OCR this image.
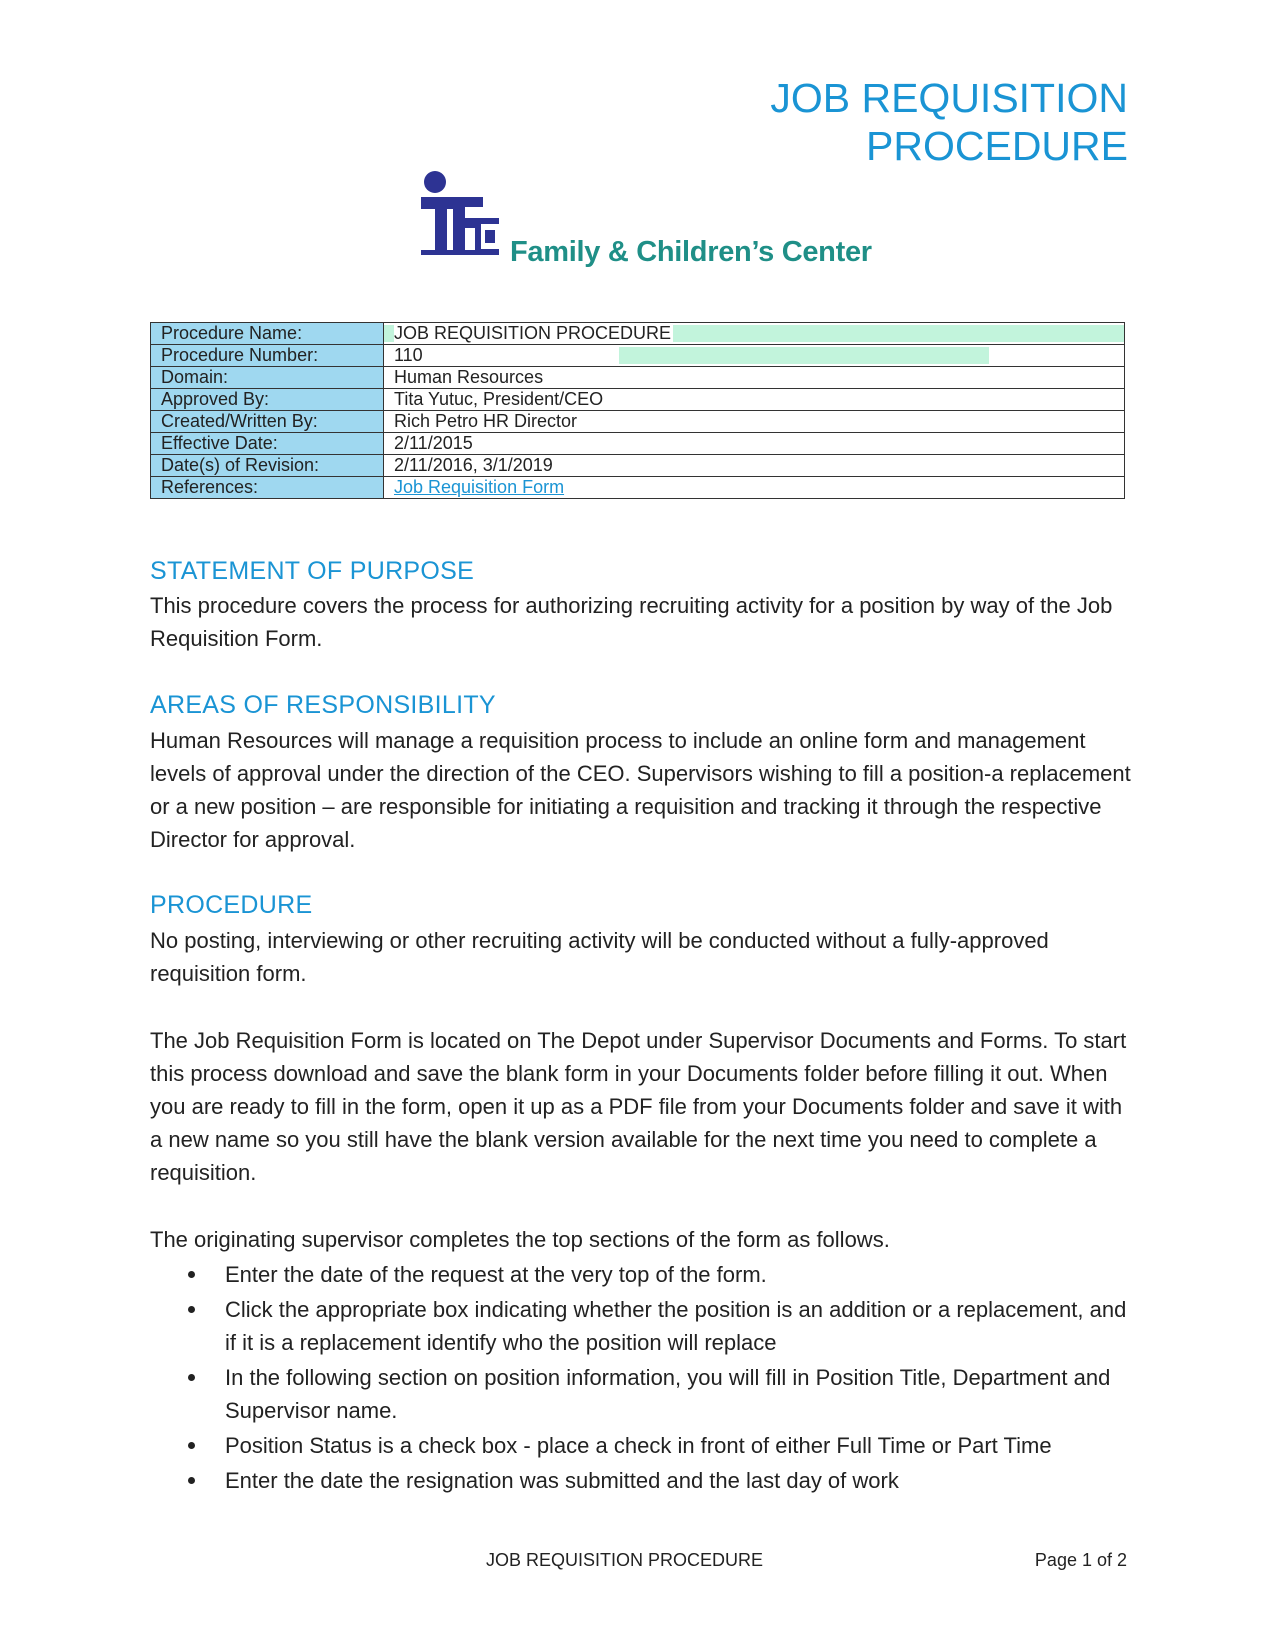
JOB REQUISITION
PROCEDURE
Family & Children’s Center
Procedure Name:	JOB REQUISITION PROCEDURE
Procedure Number:	110
Domain:	Human Resources
Approved By:	Tita Yutuc, President/CEO
Created/Written By:	Rich Petro HR Director
Effective Date:	2/11/2015
Date(s) of Revision:	2/11/2016, 3/1/2019
References:	Job Requisition Form
STATEMENT OF PURPOSE

This procedure covers the process for authorizing recruiting activity for a position by way of the Job Requisition Form.

AREAS OF RESPONSIBILITY

Human Resources will manage a requisition process to include an online form and management levels of approval under the direction of the CEO. Supervisors wishing to fill a position-a replacement or a new position – are responsible for initiating a requisition and tracking it through the respective Director for approval.

PROCEDURE

No posting, interviewing or other recruiting activity will be conducted without a fully-approved requisition form.

The Job Requisition Form is located on The Depot under Supervisor Documents and Forms. To start this process download and save the blank form in your Documents folder before filling it out. When you are ready to fill in the form, open it up as a PDF file from your Documents folder and save it with a new name so you still have the blank version available for the next time you need to complete a requisition.

The originating supervisor completes the top sections of the form as follows.

Enter the date of the request at the very top of the form.
Click the appropriate box indicating whether the position is an addition or a replacement, and if it is a replacement identify who the position will replace
In the following section on position information, you will fill in Position Title, Department and Supervisor name.
Position Status is a check box - place a check in front of either Full Time or Part Time
Enter the date the resignation was submitted and the last day of work
JOB REQUISITION PROCEDURE	Page 1 of 2
